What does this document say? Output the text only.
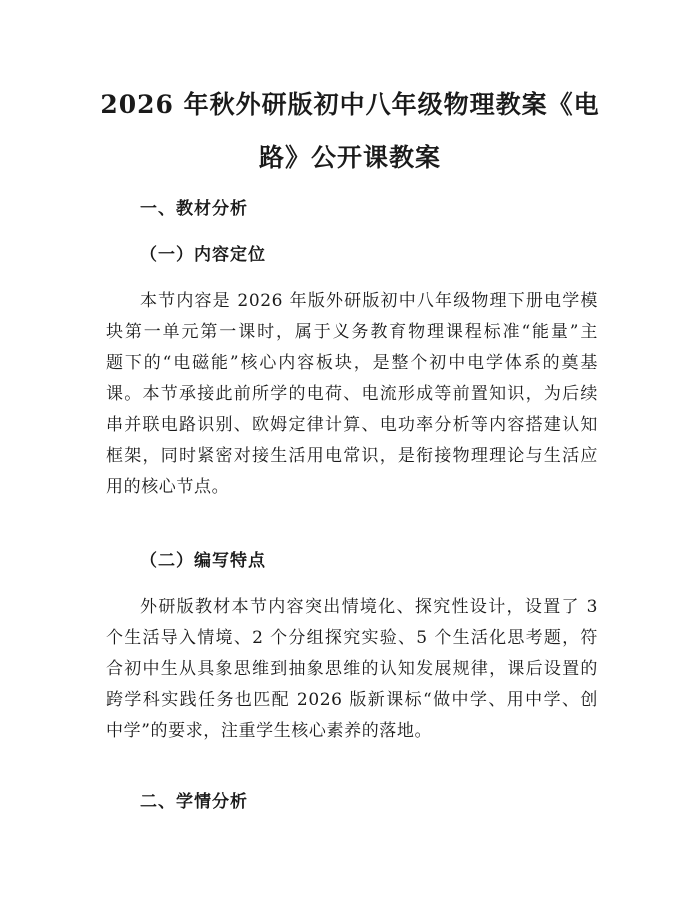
2026 年秋外研版初中八年级物理教案《电
路》公开课教案
一、教材分析
（一）内容定位
本节内容是 2026 年版外研版初中八年级物理下册电学模
块第一单元第一课时，属于义务教育物理课程标准“能量”主
题下的“电磁能”核心内容板块，是整个初中电学体系的奠基
课。本节承接此前所学的电荷、电流形成等前置知识，为后续
串并联电路识别、欧姆定律计算、电功率分析等内容搭建认知
框架，同时紧密对接生活用电常识，是衔接物理理论与生活应
用的核心节点。
（二）编写特点
外研版教材本节内容突出情境化、探究性设计，设置了 3
个生活导入情境、2 个分组探究实验、5 个生活化思考题，符
合初中生从具象思维到抽象思维的认知发展规律，课后设置的
跨学科实践任务也匹配 2026 版新课标“做中学、用中学、创
中学”的要求，注重学生核心素养的落地。
二、学情分析
